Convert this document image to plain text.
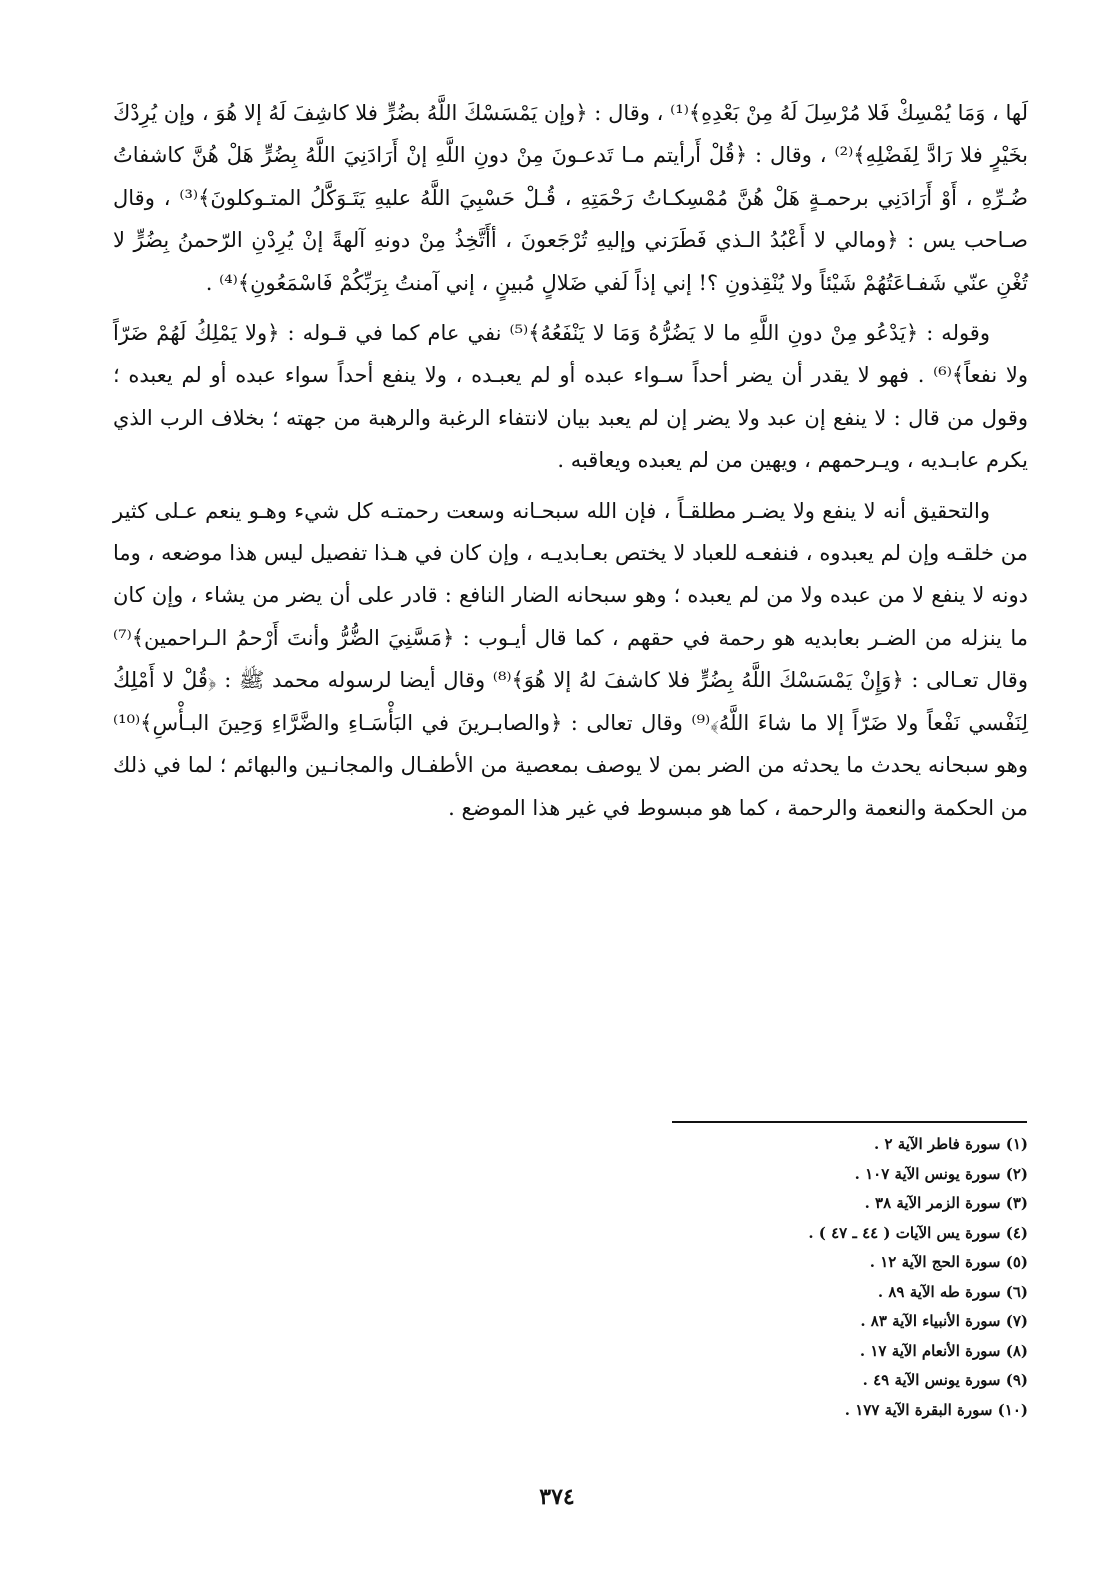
لَها ، وَمَا يُمْسِكْ فَلا مُرْسِلَ لَهُ مِنْ بَعْدِهِ﴾⁽¹⁾ ، وقال : ﴿وإن يَمْسَسْكَ اللَّهُ بضُرٍّ فلا كاشِفَ لَهُ إلا هُوَ ، وإن يُرِدْكَ بخَيْرٍ فلا رَادَّ لِفَضْلِهِ﴾⁽²⁾ ، وقال : ﴿قُلْ أَرأيتم مـا تَدعـونَ مِنْ دونِ اللَّهِ إنْ أَرَادَنِيَ اللَّهُ بِضُرٍّ هَلْ هُنَّ كاشفاتُ ضُـرِّهِ ، أَوْ أَرَادَنِي برحمـةٍ هَلْ هُنَّ مُمْسِكـاتُ رَحْمَتِهِ ، قُـلْ حَسْبِيَ اللَّهُ عليهِ يَتَـوَكَّلُ المتـوكلونَ﴾⁽³⁾ ، وقال صـاحب يس : ﴿ومالي لا أَعْبُدُ الـذي فَطَرَني وإليهِ تُرْجَعونَ ، أأَتَّخِذُ مِنْ دونهِ آلهةً إنْ يُرِدْنِ الرّحمنُ بِضُرٍّ لا تُغْنِ عنّي شَفـاعَتُهُمْ شَيْئاً ولا يُنْقِذونِ ؟! إني إذاً لَفي ضَلالٍ مُبينٍ ، إني آمنتُ بِرَبِّكُمْ فَاسْمَعُونِ﴾⁽⁴⁾ .

وقوله : ﴿يَدْعُو مِنْ دونِ اللَّهِ ما لا يَضُرُّهُ وَمَا لا يَنْفَعُهُ﴾⁽⁵⁾ نفي عام كما في قـوله : ﴿ولا يَمْلِكُ لَهُمْ ضَرّاً ولا نفعاً﴾⁽⁶⁾ . فهو لا يقدر أن يضر أحداً سـواء عبده أو لم يعبـده ، ولا ينفع أحداً سواء عبده أو لم يعبده ؛ وقول من قال : لا ينفع إن عبد ولا يضر إن لم يعبد بيان لانتفاء الرغبة والرهبة من جهته ؛ بخلاف الرب الذي يكرم عابـديه ، ويـرحمهم ، ويهين من لم يعبده ويعاقبه .

والتحقيق أنه لا ينفع ولا يضـر مطلقـاً ، فإن الله سبحـانه وسعت رحمتـه كل شيء وهـو ينعم عـلى كثير من خلقـه وإن لم يعبدوه ، فنفعـه للعباد لا يختص بعـابديـه ، وإن كان في هـذا تفصيل ليس هذا موضعه ، وما دونه لا ينفع لا من عبده ولا من لم يعبده ؛ وهو سبحانه الضار النافع : قادر على أن يضر من يشاء ، وإن كان ما ينزله من الضـر بعابديه هو رحمة في حقهم ، كما قال أيـوب : ﴿مَسَّنِيَ الضُّرُّ وأنتَ أَرْحمُ الـراحمين﴾⁽⁷⁾ وقال تعـالى : ﴿وَإِنْ يَمْسَسْكَ اللَّهُ بِضُرٍّ فلا كاشفَ لهُ إلا هُوَ﴾⁽⁸⁾ وقال أيضا لرسوله محمد ﷺ : ﴿قُلْ لا أَمْلِكُ لِنَفْسي نَفْعاً ولا ضَرّاً إلا ما شاءَ اللَّهُ﴾⁽⁹⁾ وقال تعالى : ﴿والصابـرينَ في البَأْسَـاءِ والضَّرَّاءِ وَحِينَ البـأْسِ﴾⁽¹⁰⁾ وهو سبحانه يحدث ما يحدثه من الضر بمن لا يوصف بمعصية من الأطفـال والمجانـين والبهائم ؛ لما في ذلك من الحكمة والنعمة والرحمة ، كما هو مبسوط في غير هذا الموضع .

(١) سورة فاطر الآية ٢ .
(٢) سورة يونس الآية ١٠٧ .
(٣) سورة الزمر الآية ٣٨ .
(٤) سورة يس الآيات ( ٤٤ ـ ٤٧ ) .
(٥) سورة الحج الآية ١٢ .
(٦) سورة طه الآية ٨٩ .
(٧) سورة الأنبياء الآية ٨٣ .
(٨) سورة الأنعام الآية ١٧ .
(٩) سورة يونس الآية ٤٩ .
(١٠) سورة البقرة الآية ١٧٧ .
٣٧٤
